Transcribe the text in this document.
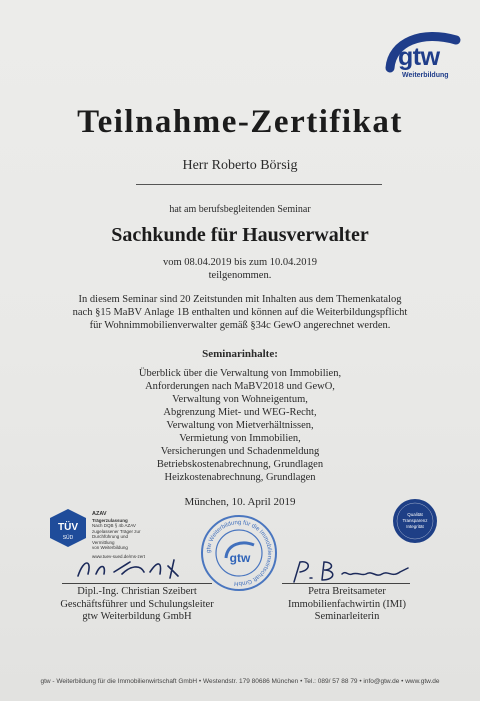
gtw
Weiterbildung
Teilnahme-Zertifikat
Herr Roberto Börsig
hat am berufsbegleitenden Seminar
Sachkunde für Hausverwalter
vom 08.04.2019 bis zum 10.04.2019
teilgenommen.
In diesem Seminar sind 20 Zeitstunden mit Inhalten aus dem Themenkatalog
nach §15 MaBV Anlage 1B enthalten und können auf die Weiterbildungspflicht
für Wohnimmobilienverwalter gemäß §34c GewO angerechnet werden.
Seminarinhalte:
Überblick über die Verwaltung von Immobilien,
Anforderungen nach MaBV2018 und GewO,
Verwaltung von Wohneigentum,
Abgrenzung Miet- und WEG-Recht,
Verwaltung von Mietverhältnissen,
Vermietung von Immobilien,
Versicherungen und Schadenmeldung
Betriebskostenabrechnung, Grundlagen
Heizkostenabrechnung, Grundlagen
München, 10. April 2019
TÜV
SÜD
AZAV
Trägerzulassung
Nach DQB § 4b AZAV
zugelassener Träger zur
Durchführung und Vermittlung
von Weiterbildung
www.tuev-sued.de/ms-zert
gtw Weiterbildung für die Immobilienwirtschaft GmbH
gtw
Qualität
Transparenz
Integrität
Dipl.-Ing. Christian Szeibert
Geschäftsführer und Schulungsleiter
gtw Weiterbildung GmbH
Petra Breitsameter
Immobilienfachwirtin (IMI)
Seminarleiterin
gtw - Weiterbildung für die Immobilienwirtschaft GmbH • Westendstr. 179 80686 München • Tel.: 089/ 57 88 79 • info@gtw.de • www.gtw.de
